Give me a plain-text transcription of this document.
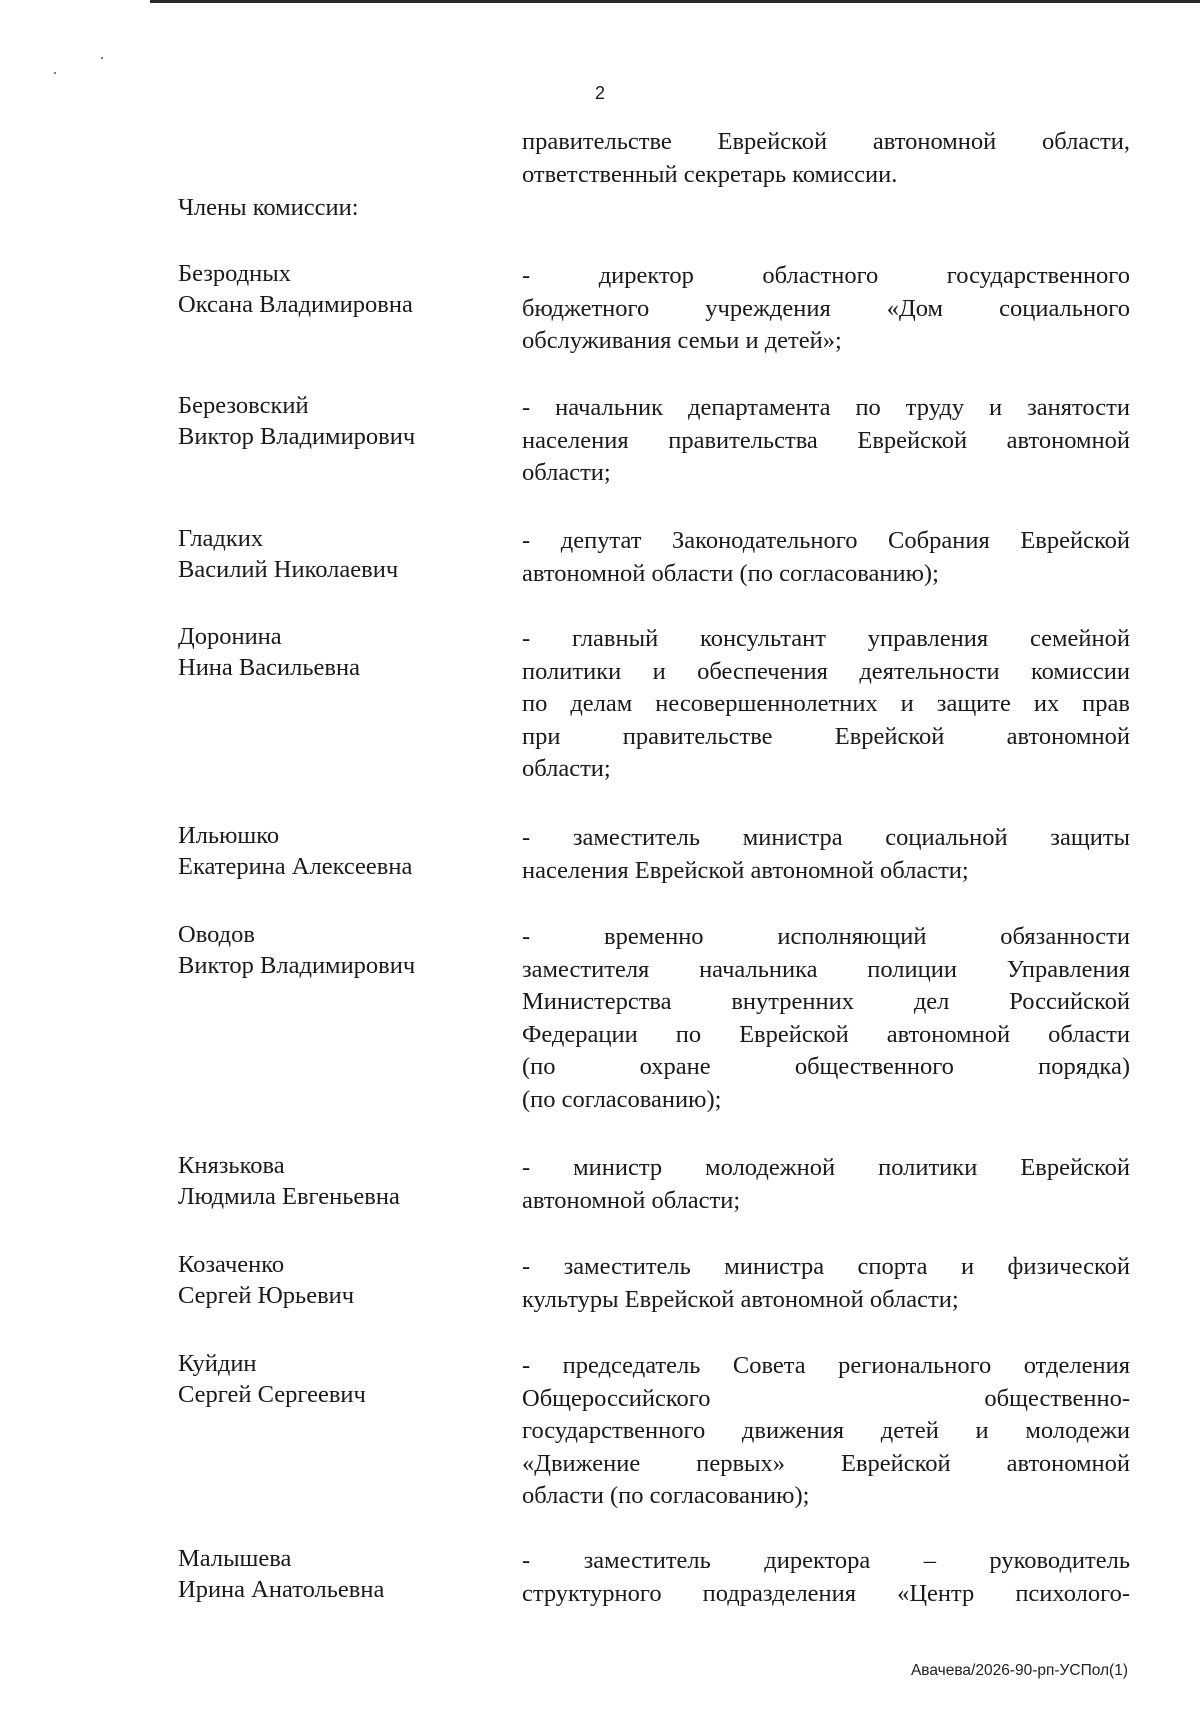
2
правительстве Еврейской автономной области,
ответственный секретарь комиссии.
Члены комиссии:
Безродных
Оксана Владимировна
- директор областного государственного
бюджетного учреждения «Дом социального
обслуживания семьи и детей»;
Березовский
Виктор Владимирович
- начальник департамента по труду и занятости
населения правительства Еврейской автономной
области;
Гладких
Василий Николаевич
- депутат Законодательного Собрания Еврейской
автономной области (по согласованию);
Доронина
Нина Васильевна
- главный консультант управления семейной
политики и обеспечения деятельности комиссии
по делам несовершеннолетних и защите их прав
при правительстве Еврейской автономной
области;
Ильюшко
Екатерина Алексеевна
- заместитель министра социальной защиты
населения Еврейской автономной области;
Оводов
Виктор Владимирович
- временно исполняющий обязанности
заместителя начальника полиции Управления
Министерства внутренних дел Российской
Федерации по Еврейской автономной области
(по охране общественного порядка)
(по согласованию);
Князькова
Людмила Евгеньевна
- министр молодежной политики Еврейской
автономной области;
Козаченко
Сергей Юрьевич
- заместитель министра спорта и физической
культуры Еврейской автономной области;
Куйдин
Сергей Сергеевич
- председатель Совета регионального отделения
Общероссийского общественно-
государственного движения детей и молодежи
«Движение первых» Еврейской автономной
области (по согласованию);
Малышева
Ирина Анатольевна
- заместитель директора – руководитель
структурного подразделения «Центр психолого-
Авачева/2026-90-рп-УСПол(1)
